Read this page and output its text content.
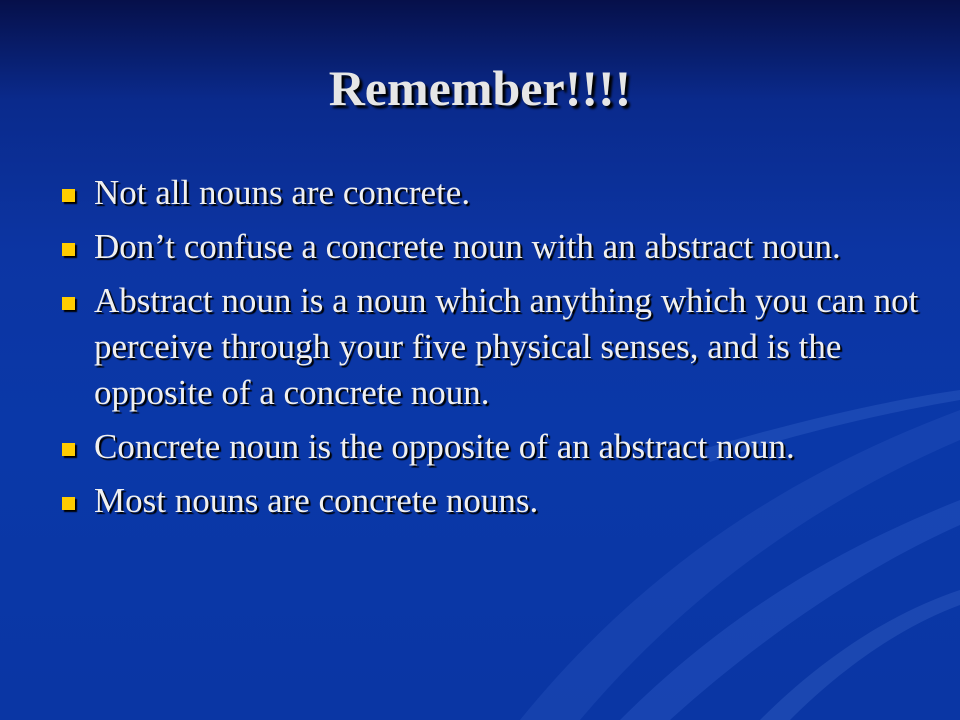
Remember!!!!
Not all nouns are concrete.
Don’t confuse a concrete noun with an abstract noun.
Abstract noun is a noun which anything which you can not perceive through your five physical senses, and is the opposite of a concrete noun.
Concrete noun is the opposite of an abstract noun.
Most nouns are concrete nouns.
